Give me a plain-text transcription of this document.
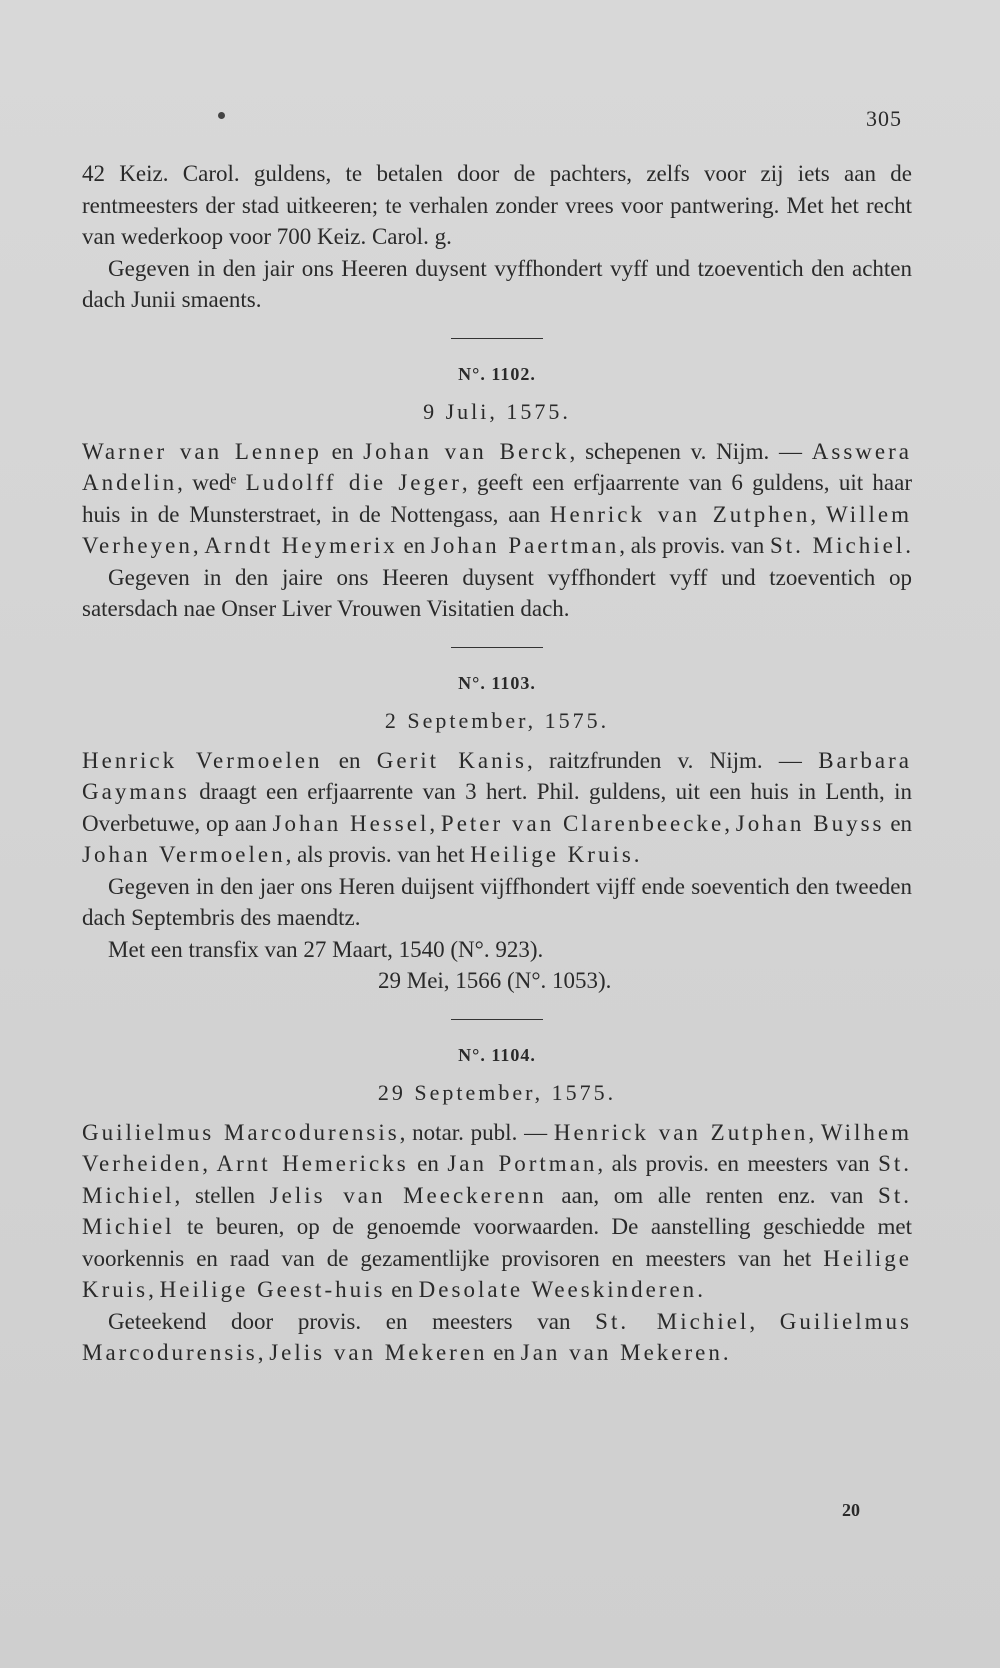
305

42 Keiz. Carol. guldens, te betalen door de pachters, zelfs voor zij iets aan de rentmeesters der stad uitkeeren; te verhalen zonder vrees voor pantwering. Met het recht van wederkoop voor 700 Keiz. Carol. g.

Gegeven in den jair ons Heeren duysent vyffhondert vyff und tzoeventich den achten dach Junii smaents.

N°. 1102.

9 Juli, 1575.

Warner van Lennep en Johan van Berck, schepenen v. Nijm. — Asswera Andelin, wedᵉ Ludolff die Jeger, geeft een erfjaarrente van 6 guldens, uit haar huis in de Munsterstraet, in de Nottengass, aan Henrick van Zutphen, Willem Verheyen, Arndt Heymerix en Johan Paertman, als provis. van St. Michiel.

Gegeven in den jaire ons Heeren duysent vyffhondert vyff und tzoeventich op satersdach nae Onser Liver Vrouwen Visitatien dach.

N°. 1103.

2 September, 1575.

Henrick Vermoelen en Gerit Kanis, raitzfrunden v. Nijm. — Barbara Gaymans draagt een erfjaarrente van 3 hert. Phil. guldens, uit een huis in Lenth, in Overbetuwe, op aan Johan Hessel, Peter van Clarenbeecke, Johan Buyss en Johan Vermoelen, als provis. van het Heilige Kruis.

Gegeven in den jaer ons Heren duijsent vijffhondert vijff ende soeventich den tweeden dach Septembris des maendtz.

Met een transfix van 27 Maart, 1540 (N°. 923).
29 Mei, 1566 (N°. 1053).

N°. 1104.

29 September, 1575.

Guilielmus Marcodurensis, notar. publ. — Henrick van Zutphen, Wilhem Verheiden, Arnt Hemericks en Jan Portman, als provis. en meesters van St. Michiel, stellen Jelis van Meeckerenn aan, om alle renten enz. van St. Michiel te beuren, op de genoemde voorwaarden. De aanstelling geschiedde met voorkennis en raad van de gezamentlijke provisoren en meesters van het Heilige Kruis, Heilige Geest-huis en Desolate Weeskinderen.

Geteekend door provis. en meesters van St. Michiel, Guilielmus Marcodurensis, Jelis van Mekeren en Jan van Mekeren.

20
